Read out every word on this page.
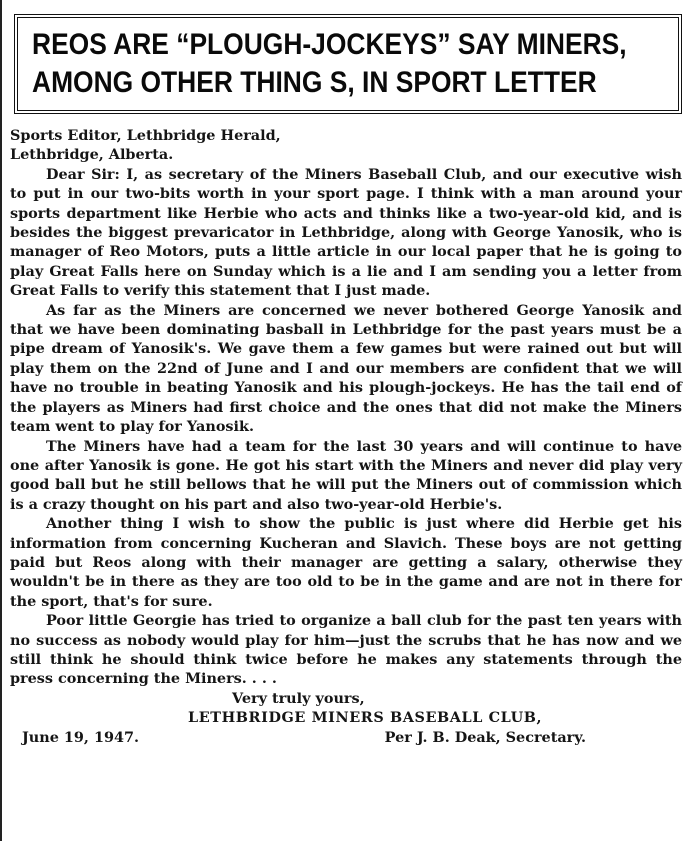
REOS ARE “PLOUGH-JOCKEYS” SAY MINERS,

AMONG OTHER THING S, IN SPORT LETTER

Sports Editor, Lethbridge Herald,

Lethbridge, Alberta.

Dear Sir: I, as secretary of the Miners Baseball Club, and our executive wish to put in our two-bits worth in your sport page. I think with a man around your sports department like Herbie who acts and thinks like a two-year-old kid, and is besides the biggest prevaricator in Lethbridge, along with George Yanosik, who is manager of Reo Motors, puts a little article in our local paper that he is going to play Great Falls here on Sunday which is a lie and I am sending you a letter from Great Falls to verify this statement that I just made.

As far as the Miners are concerned we never bothered George Yanosik and that we have been dominating basball in Lethbridge for the past years must be a pipe dream of Yanosik's. We gave them a few games but were rained out but will play them on the 22nd of June and I and our members are confident that we will have no trouble in beating Yanosik and his plough-jockeys. He has the tail end of the players as Miners had first choice and the ones that did not make the Miners team went to play for Yanosik.

The Miners have had a team for the last 30 years and will continue to have one after Yanosik is gone. He got his start with the Miners and never did play very good ball but he still bellows that he will put the Miners out of commission which is a crazy thought on his part and also two-year-old Herbie's.

Another thing I wish to show the public is just where did Herbie get his information from concerning Kucheran and Slavich. These boys are not getting paid but Reos along with their manager are getting a salary, otherwise they wouldn't be in there as they are too old to be in the game and are not in there for the sport, that's for sure.

Poor little Georgie has tried to organize a ball club for the past ten years with no success as nobody would play for him—just the scrubs that he has now and we still think he should think twice before he makes any statements through the press concerning the Miners. . . .

Very truly yours,

LETHBRIDGE MINERS BASEBALL CLUB,

June 19, 1947.	Per J. B. Deak, Secretary.
